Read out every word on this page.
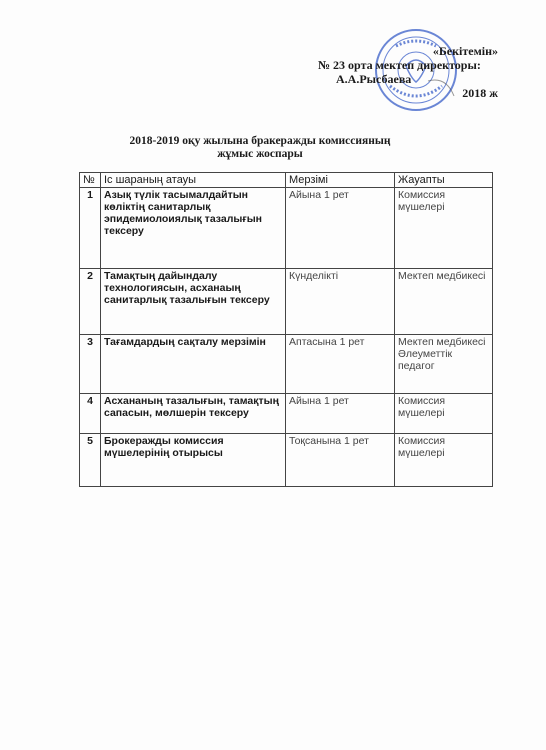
«Бекітемін»
№ 23 орта мектеп директоры:
А.А.Рысбаева
2018 ж
2018-2019 оқу жылына бракеражды комиссияның
жұмыс жоспары
№	Іс шараның атауы	Мерзімі	Жауапты
1	Азық түлік тасымалдайтын көліктің санитарлық эпидемиолоиялық тазалығын тексеру	Айына 1 рет	Комиссия мүшелері
2	Тамақтың дайындалу технологиясын, асханаың санитарлық тазалығын тексеру	Күнделікті	Мектеп медбикесі
3	Тағамдардың сақталу мерзімін	Аптасына 1 рет	Мектеп медбикесі Әлеуметтік педагог
4	Асхананың тазалығын, тамақтың сапасын, мөлшерін тексеру	Айына 1 рет	Комиссия мүшелері
5	Брокеражды комиссия мүшелерінің отырысы	Тоқсанына 1 рет	Комиссия мүшелері
